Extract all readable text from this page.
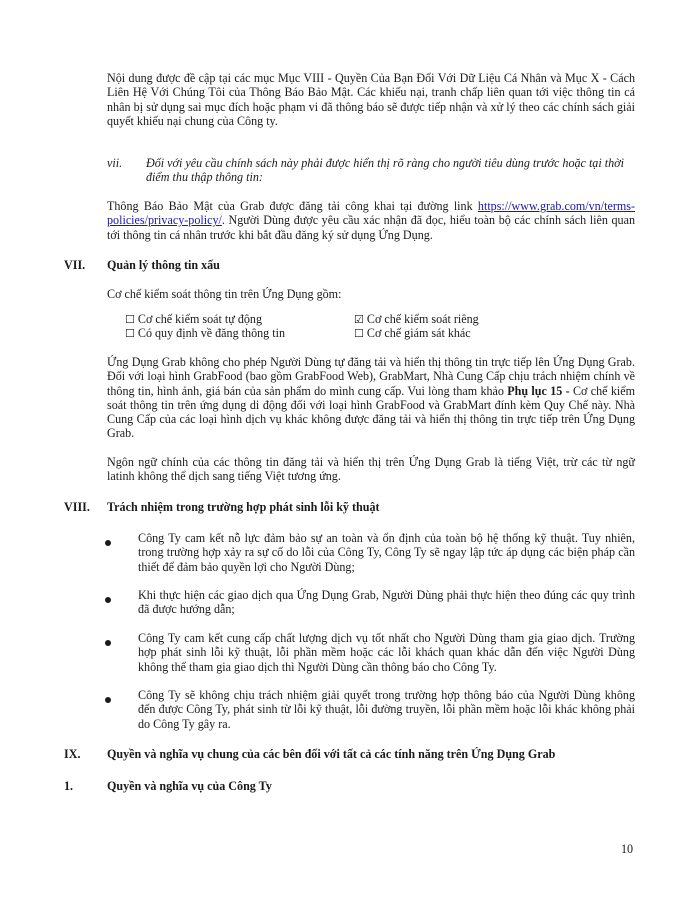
Nội dung được đề cập tại các mục Mục VIII - Quyền Của Bạn Đối Với Dữ Liệu Cá Nhân và Mục X - Cách Liên Hệ Với Chúng Tôi của Thông Báo Bảo Mật. Các khiếu nại, tranh chấp liên quan tới việc thông tin cá nhân bị sử dụng sai mục đích hoặc phạm vi đã thông báo sẽ được tiếp nhận và xử lý theo các chính sách giải quyết khiếu nại chung của Công ty.

vii. Đối với yêu cầu chính sách này phải được hiển thị rõ ràng cho người tiêu dùng trước hoặc tại thời điểm thu thập thông tin:

Thông Báo Bảo Mật của Grab được đăng tải công khai tại đường link https://www.grab.com/vn/terms-policies/privacy-policy/. Người Dùng được yêu cầu xác nhận đã đọc, hiểu toàn bộ các chính sách liên quan tới thông tin cá nhân trước khi bắt đầu đăng ký sử dụng Ứng Dụng.

VII. Quản lý thông tin xấu

Cơ chế kiểm soát thông tin trên Ứng Dụng gồm:

☐ Cơ chế kiểm soát tự động	☑ Cơ chế kiểm soát riêng
☐ Có quy định về đăng thông tin	☐ Cơ chế giám sát khác

Ứng Dụng Grab không cho phép Người Dùng tự đăng tải và hiển thị thông tin trực tiếp lên Ứng Dụng Grab. Đối với loại hình GrabFood (bao gồm GrabFood Web), GrabMart, Nhà Cung Cấp chịu trách nhiệm chính về thông tin, hình ảnh, giá bán của sản phẩm do mình cung cấp. Vui lòng tham khảo Phụ lục 15 - Cơ chế kiểm soát thông tin trên ứng dụng di động đối với loại hình GrabFood và GrabMart đính kèm Quy Chế này. Nhà Cung Cấp của các loại hình dịch vụ khác không được đăng tải và hiển thị thông tin trực tiếp trên Ứng Dụng Grab.

Ngôn ngữ chính của các thông tin đăng tải và hiển thị trên Ứng Dụng Grab là tiếng Việt, trừ các từ ngữ latinh không thể dịch sang tiếng Việt tương ứng.

VIII. Trách nhiệm trong trường hợp phát sinh lỗi kỹ thuật

Công Ty cam kết nỗ lực đảm bảo sự an toàn và ổn định của toàn bộ hệ thống kỹ thuật. Tuy nhiên, trong trường hợp xảy ra sự cố do lỗi của Công Ty, Công Ty sẽ ngay lập tức áp dụng các biện pháp cần thiết để đảm bảo quyền lợi cho Người Dùng;

Khi thực hiện các giao dịch qua Ứng Dụng Grab, Người Dùng phải thực hiện theo đúng các quy trình đã được hướng dẫn;

Công Ty cam kết cung cấp chất lượng dịch vụ tốt nhất cho Người Dùng tham gia giao dịch. Trường hợp phát sinh lỗi kỹ thuật, lỗi phần mềm hoặc các lỗi khách quan khác dẫn đến việc Người Dùng không thể tham gia giao dịch thì Người Dùng cần thông báo cho Công Ty.

Công Ty sẽ không chịu trách nhiệm giải quyết trong trường hợp thông báo của Người Dùng không đến được Công Ty, phát sinh từ lỗi kỹ thuật, lỗi đường truyền, lỗi phần mềm hoặc lỗi khác không phải do Công Ty gây ra.

IX. Quyền và nghĩa vụ chung của các bên đối với tất cả các tính năng trên Ứng Dụng Grab
1.	Quyền và nghĩa vụ của Công Ty
10
